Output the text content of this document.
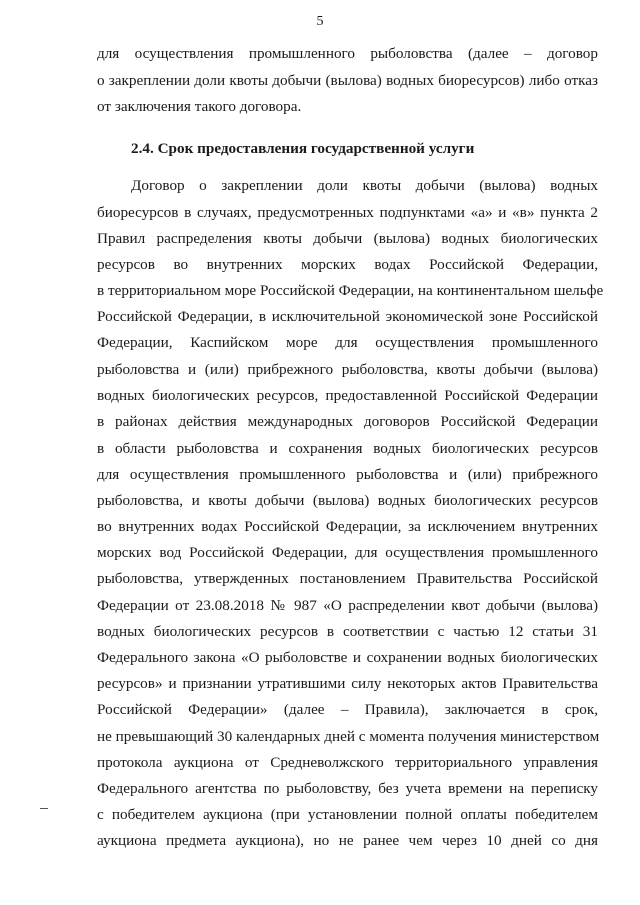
5
для осуществления промышленного рыболовства (далее – договор
о закреплении доли квоты добычи (вылова) водных биоресурсов) либо отказ
от заключения такого договора.
2.4. Срок предоставления государственной услуги
Договор о закреплении доли квоты добычи (вылова) водных
биоресурсов в случаях, предусмотренных подпунктами «а» и «в» пункта 2
Правил распределения квоты добычи (вылова) водных биологических
ресурсов во внутренних морских водах Российской Федерации,
в территориальном море Российской Федерации, на континентальном шельфе
Российской Федерации, в исключительной экономической зоне Российской
Федерации, Каспийском море для осуществления промышленного
рыболовства и (или) прибрежного рыболовства, квоты добычи (вылова)
водных биологических ресурсов, предоставленной Российской Федерации
в районах действия международных договоров Российской Федерации
в области рыболовства и сохранения водных биологических ресурсов
для осуществления промышленного рыболовства и (или) прибрежного
рыболовства, и квоты добычи (вылова) водных биологических ресурсов
во внутренних водах Российской Федерации, за исключением внутренних
морских вод Российской Федерации, для осуществления промышленного
рыболовства, утвержденных постановлением Правительства Российской
Федерации от 23.08.2018 № 987 «О распределении квот добычи (вылова)
водных биологических ресурсов в соответствии с частью 12 статьи 31
Федерального закона «О рыболовстве и сохранении водных биологических
ресурсов» и признании утратившими силу некоторых актов Правительства
Российской Федерации» (далее – Правила), заключается в срок,
не превышающий 30 календарных дней с момента получения министерством
протокола аукциона от Средневолжского территориального управления
Федерального агентства по рыболовству, без учета времени на переписку
с победителем аукциона (при установлении полной оплаты победителем
аукциона предмета аукциона), но не ранее чем через 10 дней со дня
